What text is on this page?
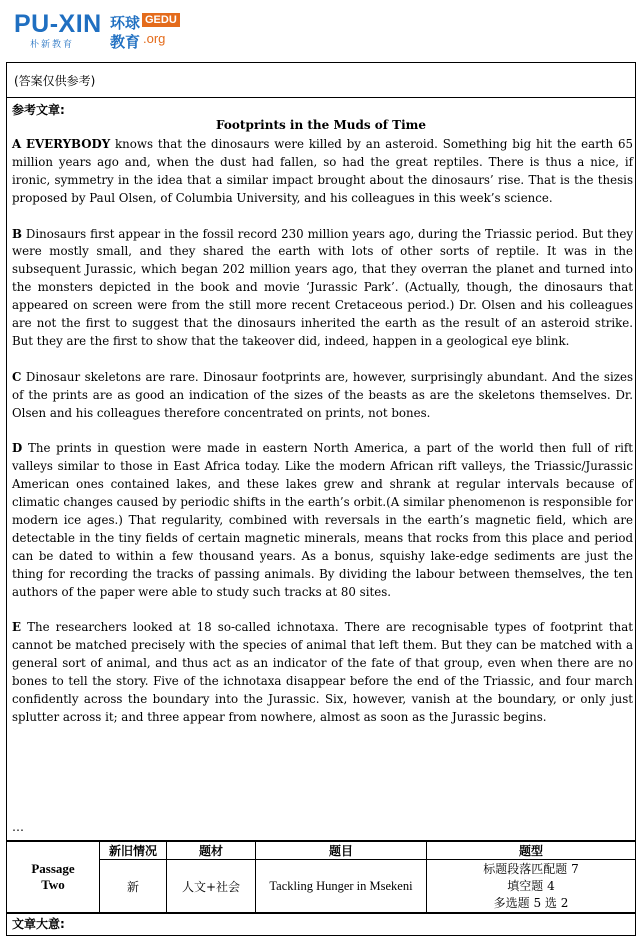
PU-XIN
朴新教育
环球 GEDU
教育 .org
(答案仅供参考)
参考文章:
Footprints in the Muds of Time

A EVERYBODY knows that the dinosaurs were killed by an asteroid. Something big hit the earth 65 million years ago and, when the dust had fallen, so had the great reptiles. There is thus a nice, if ironic, symmetry in the idea that a similar impact brought about the dinosaurs’ rise. That is the thesis proposed by Paul Olsen, of Columbia University, and his colleagues in this week’s science.

B Dinosaurs first appear in the fossil record 230 million years ago, during the Triassic period. But they were mostly small, and they shared the earth with lots of other sorts of reptile. It was in the subsequent Jurassic, which began 202 million years ago, that they overran the planet and turned into the monsters depicted in the book and movie ‘Jurassic Park’. (Actually, though, the dinosaurs that appeared on screen were from the still more recent Cretaceous period.) Dr. Olsen and his colleagues are not the first to suggest that the dinosaurs inherited the earth as the result of an asteroid strike. But they are the first to show that the takeover did, indeed, happen in a geological eye blink.

C Dinosaur skeletons are rare. Dinosaur footprints are, however, surprisingly abundant. And the sizes of the prints are as good an indication of the sizes of the beasts as are the skeletons themselves. Dr. Olsen and his colleagues therefore concentrated on prints, not bones.

D The prints in question were made in eastern North America, a part of the world then full of rift valleys similar to those in East Africa today. Like the modern African rift valleys, the Triassic/Jurassic American ones contained lakes, and these lakes grew and shrank at regular intervals because of climatic changes caused by periodic shifts in the earth’s orbit.(A similar phenomenon is responsible for modern ice ages.) That regularity, combined with reversals in the earth’s magnetic field, which are detectable in the tiny fields of certain magnetic minerals, means that rocks from this place and period can be dated to within a few thousand years. As a bonus, squishy lake-edge sediments are just the thing for recording the tracks of passing animals. By dividing the labour between themselves, the ten authors of the paper were able to study such tracks at 80 sites.

E The researchers looked at 18 so-called ichnotaxa. There are recognisable types of footprint that cannot be matched precisely with the species of animal that left them. But they can be matched with a general sort of animal, and thus act as an indicator of the fate of that group, even when there are no bones to tell the story. Five of the ichnotaxa disappear before the end of the Triassic, and four march confidently across the boundary into the Jurassic. Six, however, vanish at the boundary, or only just splutter across it; and three appear from nowhere, almost as soon as the Jurassic begins.

…
Passage
Two	新旧情况	题材	题目	题型
	新	人文+社会	Tackling Hunger in Msekeni	标题段落匹配题 7
填空题 4
多选题 5 选 2
文章大意:
